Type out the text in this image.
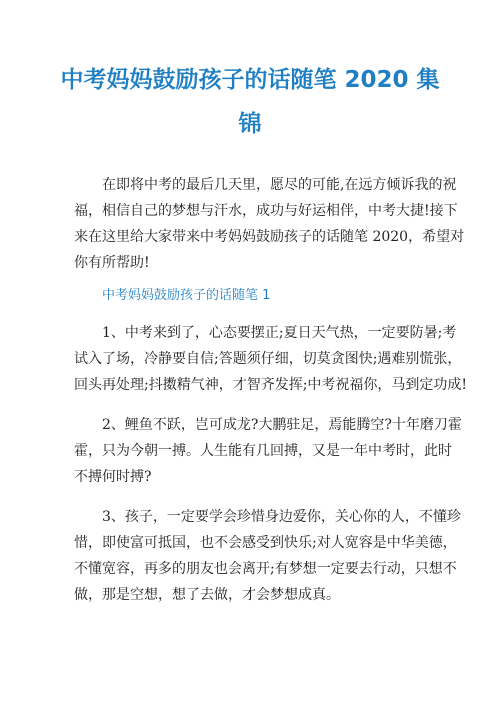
中考妈妈鼓励孩子的话随笔 2020 集
锦
在即将中考的最后几天里，愿尽的可能,在远方倾诉我的祝
福，相信自己的梦想与汗水，成功与好运相伴，中考大捷!接下
来在这里给大家带来中考妈妈鼓励孩子的话随笔 2020，希望对
你有所帮助!
中考妈妈鼓励孩子的话随笔 1
1、中考来到了，心态要摆正;夏日天气热，一定要防暑;考
试入了场，冷静要自信;答题须仔细，切莫贪图快;遇难别慌张，
回头再处理;抖擞精气神，才智齐发挥;中考祝福你，马到定功成!
2、鲤鱼不跃，岂可成龙?大鹏驻足，焉能腾空?十年磨刀霍
霍，只为今朝一搏。人生能有几回搏，又是一年中考时，此时
不搏何时搏?
3、孩子，一定要学会珍惜身边爱你，关心你的人，不懂珍
惜，即使富可抵国，也不会感受到快乐;对人宽容是中华美德，
不懂宽容，再多的朋友也会离开;有梦想一定要去行动，只想不
做，那是空想，想了去做，才会梦想成真。
